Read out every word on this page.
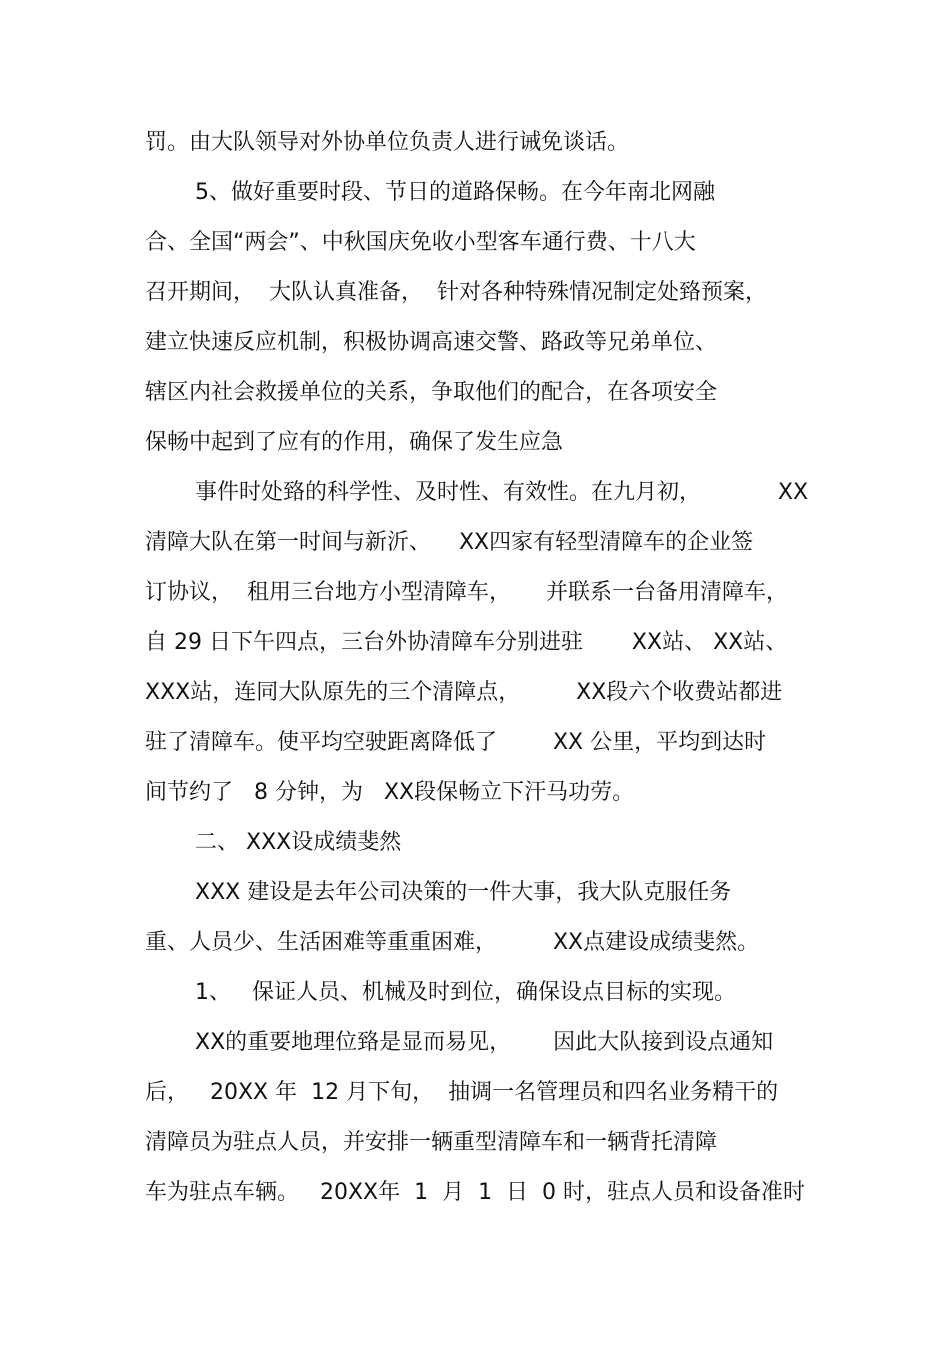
罚。由大队领导对外协单位负责人进行诫免谈话。
5、做好重要时段、节日的道路保畅。在今年南北网融
合、全国“两会”、中秋国庆免收小型客车通行费、十八大
召开期间，  大队认真准备，  针对各种特殊情况制定处臵预案，
建立快速反应机制，积极协调高速交警、路政等兄弟单位、
辖区内社会救援单位的关系，争取他们的配合，在各项安全
保畅中起到了应有的作用，确保了发生应急
事件时处臵的科学性、及时性、有效性。在九月初，           XX
清障大队在第一时间与新沂、    XX四家有轻型清障车的企业签
订协议，  租用三台地方小型清障车，     并联系一台备用清障车，
自 29 日下午四点，三台外协清障车分别进驻       XX站、 XX站、
XXX站，连同大队原先的三个清障点，        XX段六个收费站都进
驻了清障车。使平均空驶距离降低了        XX 公里，平均到达时
间节约了   8 分钟，为   XX段保畅立下汗马功劳。
二、 XXX设成绩斐然
XXX 建设是去年公司决策的一件大事，我大队克服任务
重、人员少、生活困难等重重困难，        XX点建设成绩斐然。
1、   保证人员、机械及时到位，确保设点目标的实现。
XX的重要地理位臵是显而易见，      因此大队接到设点通知
后，   20XX 年  12 月下旬，  抽调一名管理员和四名业务精干的
清障员为驻点人员，并安排一辆重型清障车和一辆背托清障
车为驻点车辆。   20XX年  1  月  1  日  0 时，驻点人员和设备准时
